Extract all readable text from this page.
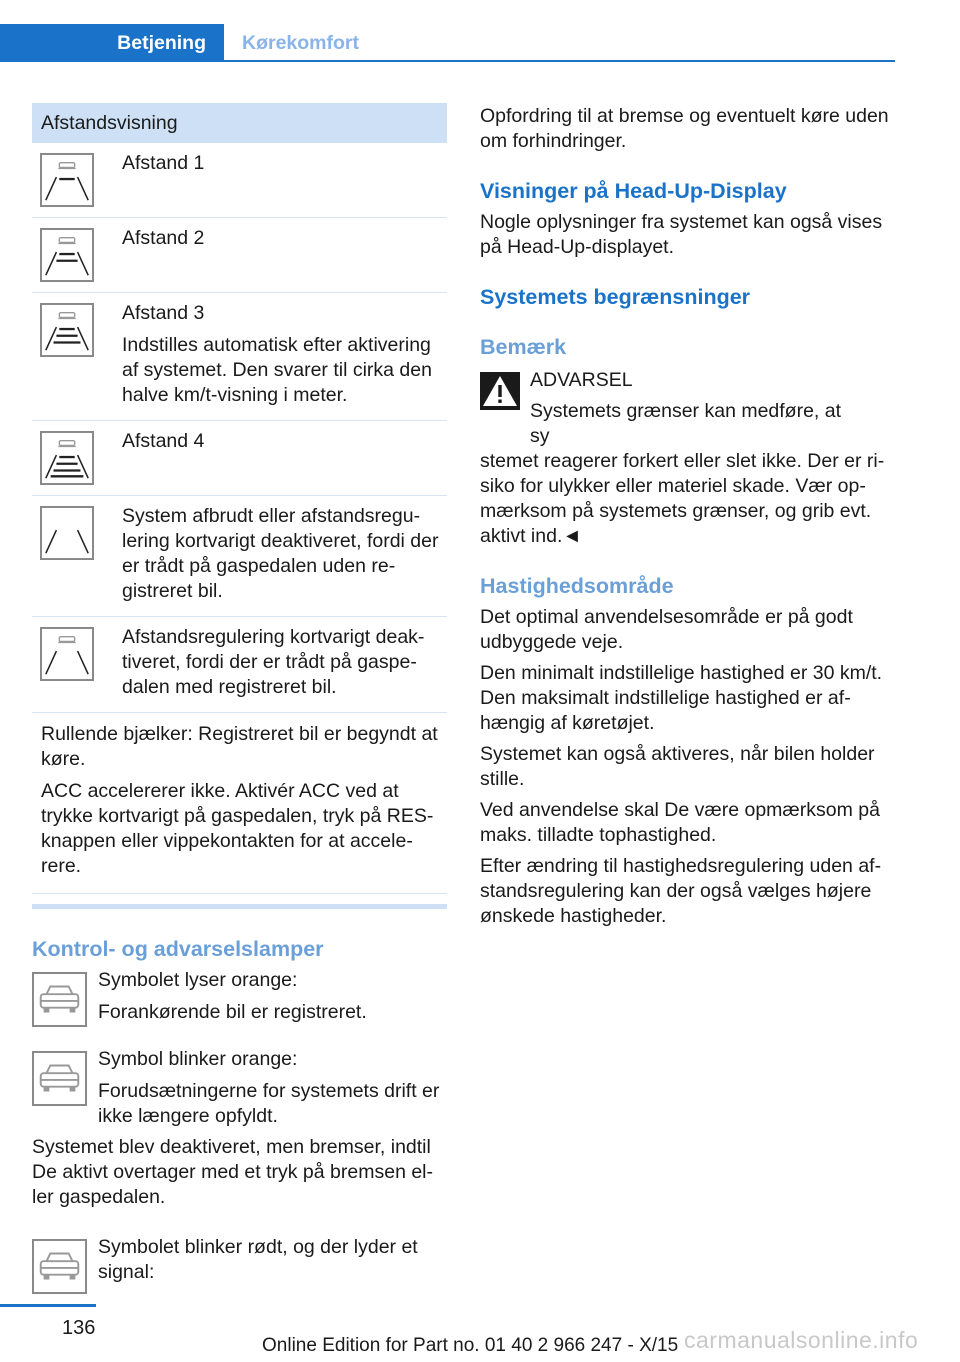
Betjening	Kørekomfort
Afstandsvisning

Afstand 1

Afstand 2

Afstand 3

Indstilles automatisk efter aktivering af systemet. Den svarer til cirka den halve km/t-visning i meter.

Afstand 4

System afbrudt eller afstandsregulering kortvarigt deaktiveret, fordi der er trådt på gaspedalen uden registreret bil.

Afstandsregulering kortvarigt deaktiveret, fordi der er trådt på gaspedalen med registreret bil.

Rullende bjælker: Registreret bil er begyndt at køre.

ACC accelererer ikke. Aktivér ACC ved at trykke kortvarigt på gaspedalen, tryk på RES-knappen eller vippekontakten for at accelerere.

Kontrol- og advarselslamper

Symbolet lyser orange:

Forankørende bil er registreret.

Symbol blinker orange:

Forudsætningerne for systemets drift er ikke længere opfyldt.

Systemet blev deaktiveret, men bremser, indtil De aktivt overtager med et tryk på bremsen eller gaspedalen.

Symbolet blinker rødt, og der lyder et signal:

Opfordring til at bremse og eventuelt køre uden om forhindringer.

Visninger på Head-Up-Display

Nogle oplysninger fra systemet kan også vises på Head-Up-displayet.

Systemets begrænsninger
Bemærk

ADVARSEL

Systemets grænser kan medføre, at sy

stemet reagerer forkert eller slet ikke. Der er risiko for ulykker eller materiel skade. Vær opmærksom på systemets grænser, og grib evt. aktivt ind.◄

Hastighedsområde

Det optimal anvendelsesområde er på godt udbyggede veje.

Den minimalt indstillelige hastighed er 30 km/t. Den maksimalt indstillelige hastighed er afhængig af køretøjet.

Systemet kan også aktiveres, når bilen holder stille.

Ved anvendelse skal De være opmærksom på maks. tilladte tophastighed.

Efter ændring til hastighedsregulering uden afstandsregulering kan der også vælges højere ønskede hastigheder.

136
Online Edition for Part no. 01 40 2 966 247 - X/15 carmanualsonline.info
